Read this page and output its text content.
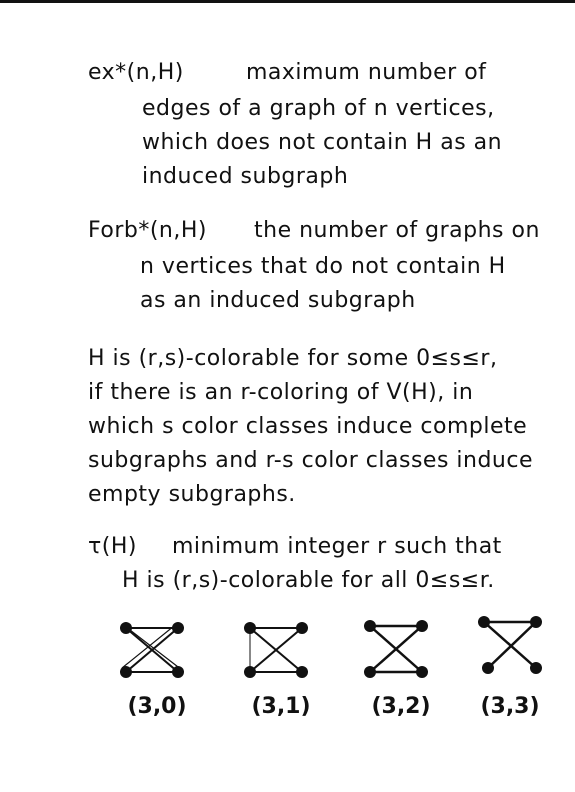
ex*(n,H)	maximum number of
edges of a graph of n vertices,
which does not contain H as an
induced subgraph
Forb*(n,H) the number of graphs on
n vertices that do not contain H
as an induced subgraph
H is (r,s)-colorable for some 0≤s≤r,
if there is an r-coloring of V(H), in
which s color classes induce complete
subgraphs and r-s color classes induce
empty subgraphs.
τ(H) minimum integer r such that
H is (r,s)-colorable for all 0≤s≤r.
(3,0)	(3,1)	(3,2)	(3,3)
